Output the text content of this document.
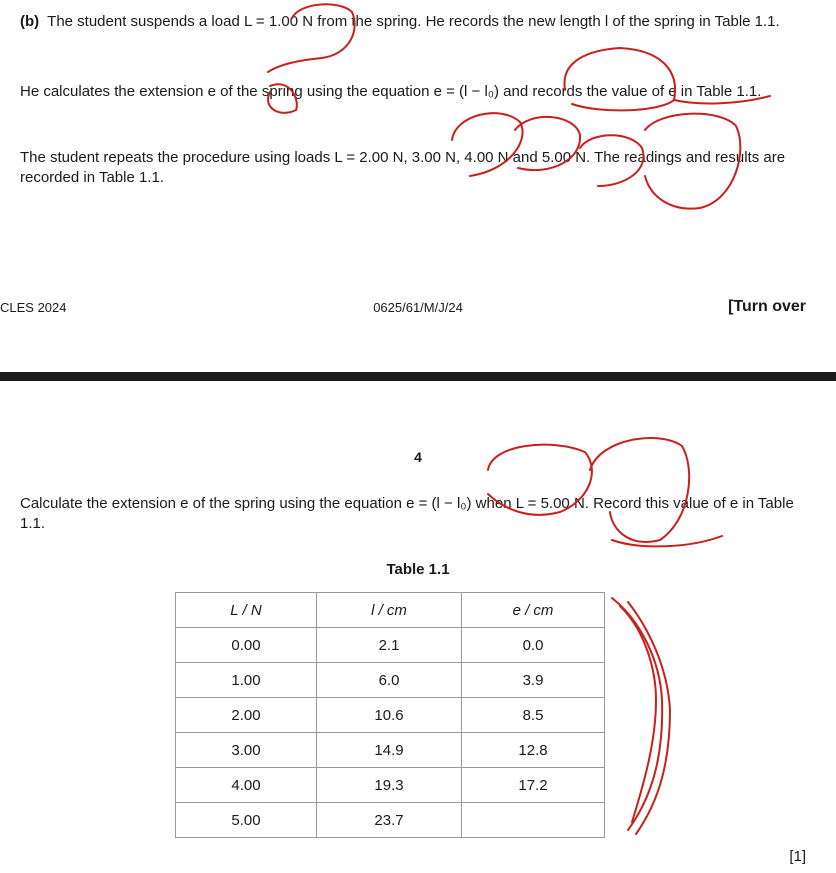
(b) The student suspends a load L = 1.00 N from the spring. He records the new length l of the spring in Table 1.1.

He calculates the extension e of the spring using the equation e = (l − l₀) and records the value of e in Table 1.1.

The student repeats the procedure using loads L = 2.00 N, 3.00 N, 4.00 N and 5.00 N. The readings and results are recorded in Table 1.1.

CLES 2024	0625/61/M/J/24	[Turn over
4

Calculate the extension e of the spring using the equation e = (l − l₀) when L = 5.00 N. Record this value of e in Table 1.1.

Table 1.1
L / N	l / cm	e / cm
0.00	2.1	0.0
1.00	6.0	3.9
2.00	10.6	8.5
3.00	14.9	12.8
4.00	19.3	17.2
5.00	23.7	
[1]
